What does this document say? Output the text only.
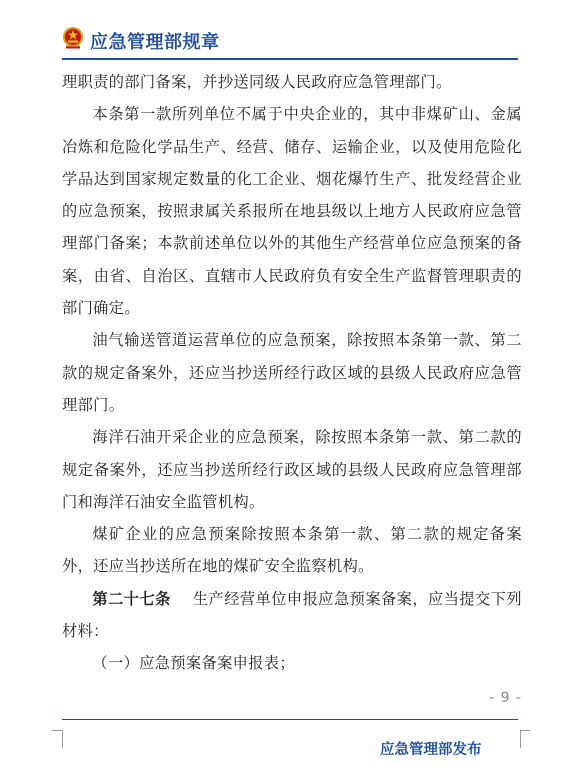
应急管理部规章

理职责的部门备案，并抄送同级人民政府应急管理部门。

本条第一款所列单位不属于中央企业的，其中非煤矿山、金属冶炼和危险化学品生产、经营、储存、运输企业，以及使用危险化学品达到国家规定数量的化工企业、烟花爆竹生产、批发经营企业的应急预案，按照隶属关系报所在地县级以上地方人民政府应急管理部门备案；本款前述单位以外的其他生产经营单位应急预案的备案，由省、自治区、直辖市人民政府负有安全生产监督管理职责的部门确定。

油气输送管道运营单位的应急预案，除按照本条第一款、第二款的规定备案外，还应当抄送所经行政区域的县级人民政府应急管理部门。

海洋石油开采企业的应急预案，除按照本条第一款、第二款的规定备案外，还应当抄送所经行政区域的县级人民政府应急管理部门和海洋石油安全监管机构。

煤矿企业的应急预案除按照本条第一款、第二款的规定备案外，还应当抄送所在地的煤矿安全监察机构。

第二十七条 生产经营单位申报应急预案备案，应当提交下列材料：

（一）应急预案备案申报表；

- 9 -
应急管理部发布
